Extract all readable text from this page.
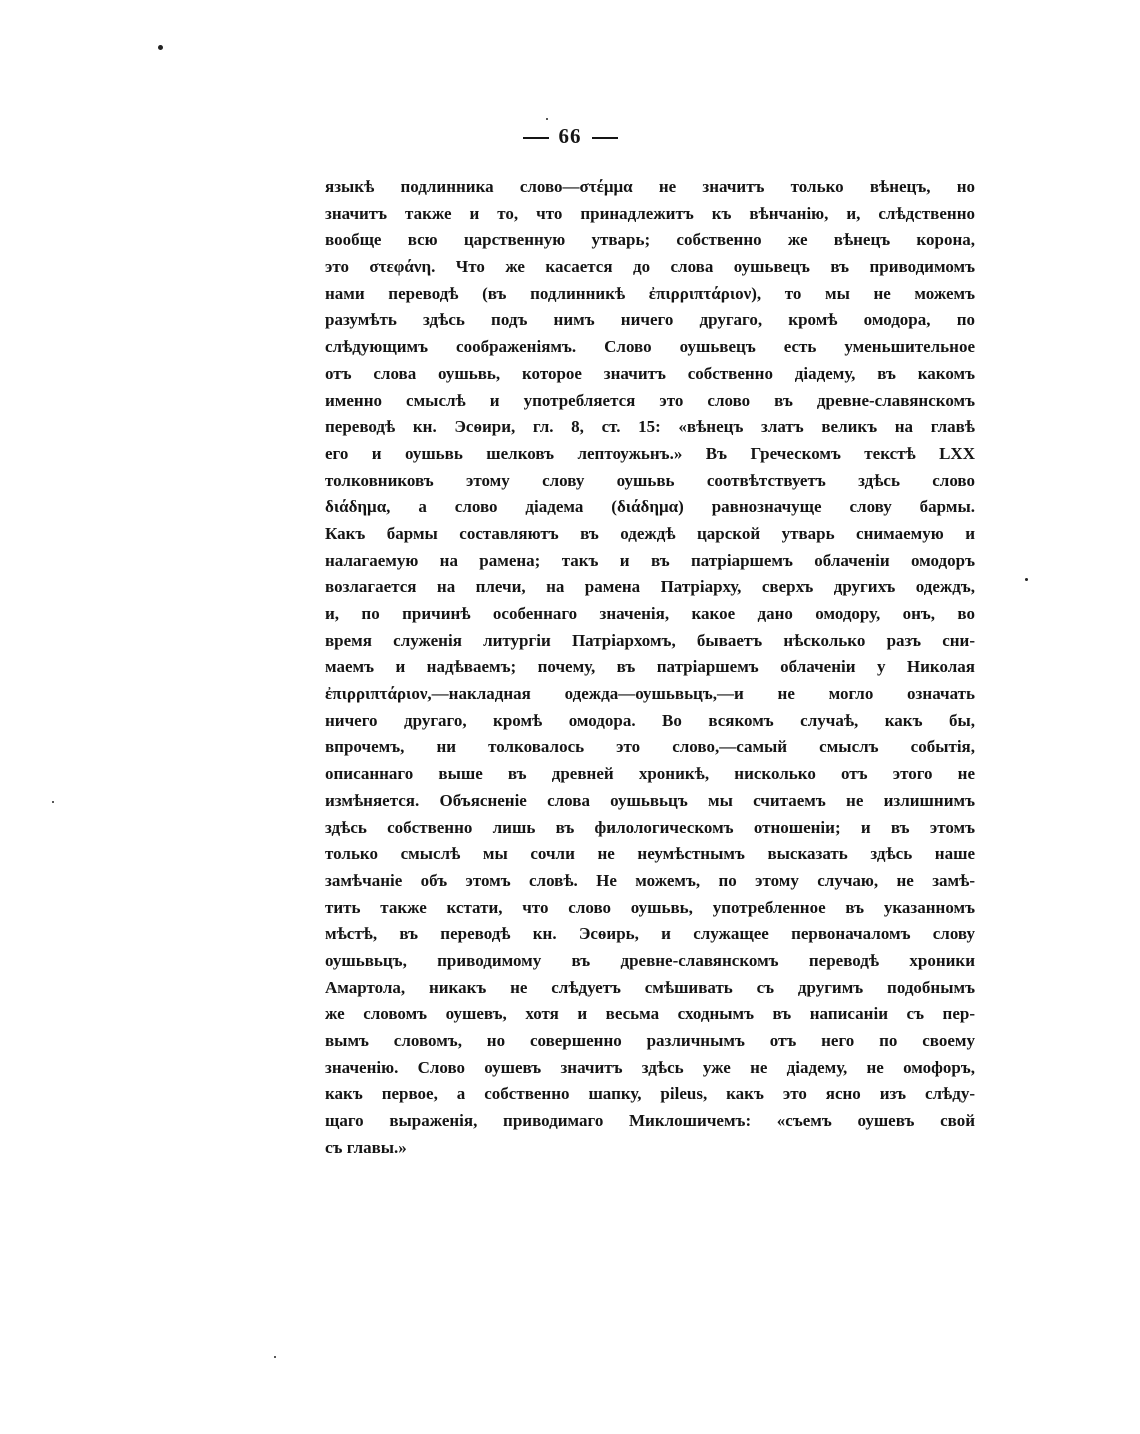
66
языкѣ подлинника слово—στέμμα не значитъ только вѣнецъ, но
значитъ также и то, что принадлежитъ къ вѣнчанію, и, слѣдственно
вообще всю царственную утварь; собственно же вѣнецъ корона,
это στεφάνη. Что же касается до слова оушьвецъ въ приводимомъ
нами переводѣ (въ подлинникѣ ἐπιρριπτάριον), то мы не можемъ
разумѣть здѣсь подъ нимъ ничего другаго, кромѣ омодора, по
слѣдующимъ соображеніямъ. Слово оушьвецъ есть уменьшительное
отъ слова оушьвь, которое значитъ собственно діадему, въ какомъ
именно смыслѣ и употребляется это слово въ древне-славянскомъ
переводѣ кн. Эсѳири, гл. 8, ст. 15: «вѣнецъ златъ великъ на главѣ
его и оушьвь шелковъ лептоужьнъ.» Въ Греческомъ текстѣ LXX
толковниковъ этому слову оушьвь соотвѣтствуетъ здѣсь слово
διάδημα, а слово діадема (διάδημα) равнозначуще слову бармы.
Какъ бармы составляютъ въ одеждѣ царской утварь снимаемую и
налагаемую на рамена; такъ и въ патріаршемъ облаченіи омодоръ
возлагается на плечи, на рамена Патріарху, сверхъ другихъ одеждъ,
и, по причинѣ особеннаго значенія, какое дано омодору, онъ, во
время служенія литургіи Патріархомъ, бываетъ нѣсколько разъ сни-
маемъ и надѣваемъ; почему, въ патріаршемъ облаченіи у Николая
ἐπιρριπτάριον,—накладная одежда—оушьвьцъ,—и не могло означать
ничего другаго, кромѣ омодора. Во всякомъ случаѣ, какъ бы,
впрочемъ, ни толковалось это слово,—самый смыслъ событія,
описаннаго выше въ древней хроникѣ, нисколько отъ этого не
измѣняется. Объясненіе слова оушьвьцъ мы считаемъ не излишнимъ
здѣсь собственно лишь въ филологическомъ отношеніи; и въ этомъ
только смыслѣ мы сочли не неумѣстнымъ высказать здѣсь наше
замѣчаніе объ этомъ словѣ. Не можемъ, по этому случаю, не замѣ-
тить также кстати, что слово оушьвь, употребленное въ указанномъ
мѣстѣ, въ переводѣ кн. Эсѳирь, и служащее первоначаломъ слову
оушьвьцъ, приводимому въ древне-славянскомъ переводѣ хроники
Амартола, никакъ не слѣдуетъ смѣшивать съ другимъ подобнымъ
же словомъ оушевъ, хотя и весьма сходнымъ въ написаніи съ пер-
вымъ словомъ, но совершенно различнымъ отъ него по своему
значенію. Слово оушевъ значитъ здѣсь уже не діадему, не омофоръ,
какъ первое, а собственно шапку, pileus, какъ это ясно изъ слѣду-
щаго выраженія, приводимаго Миклошичемъ: «съемъ оушевъ свой
съ главы.»
